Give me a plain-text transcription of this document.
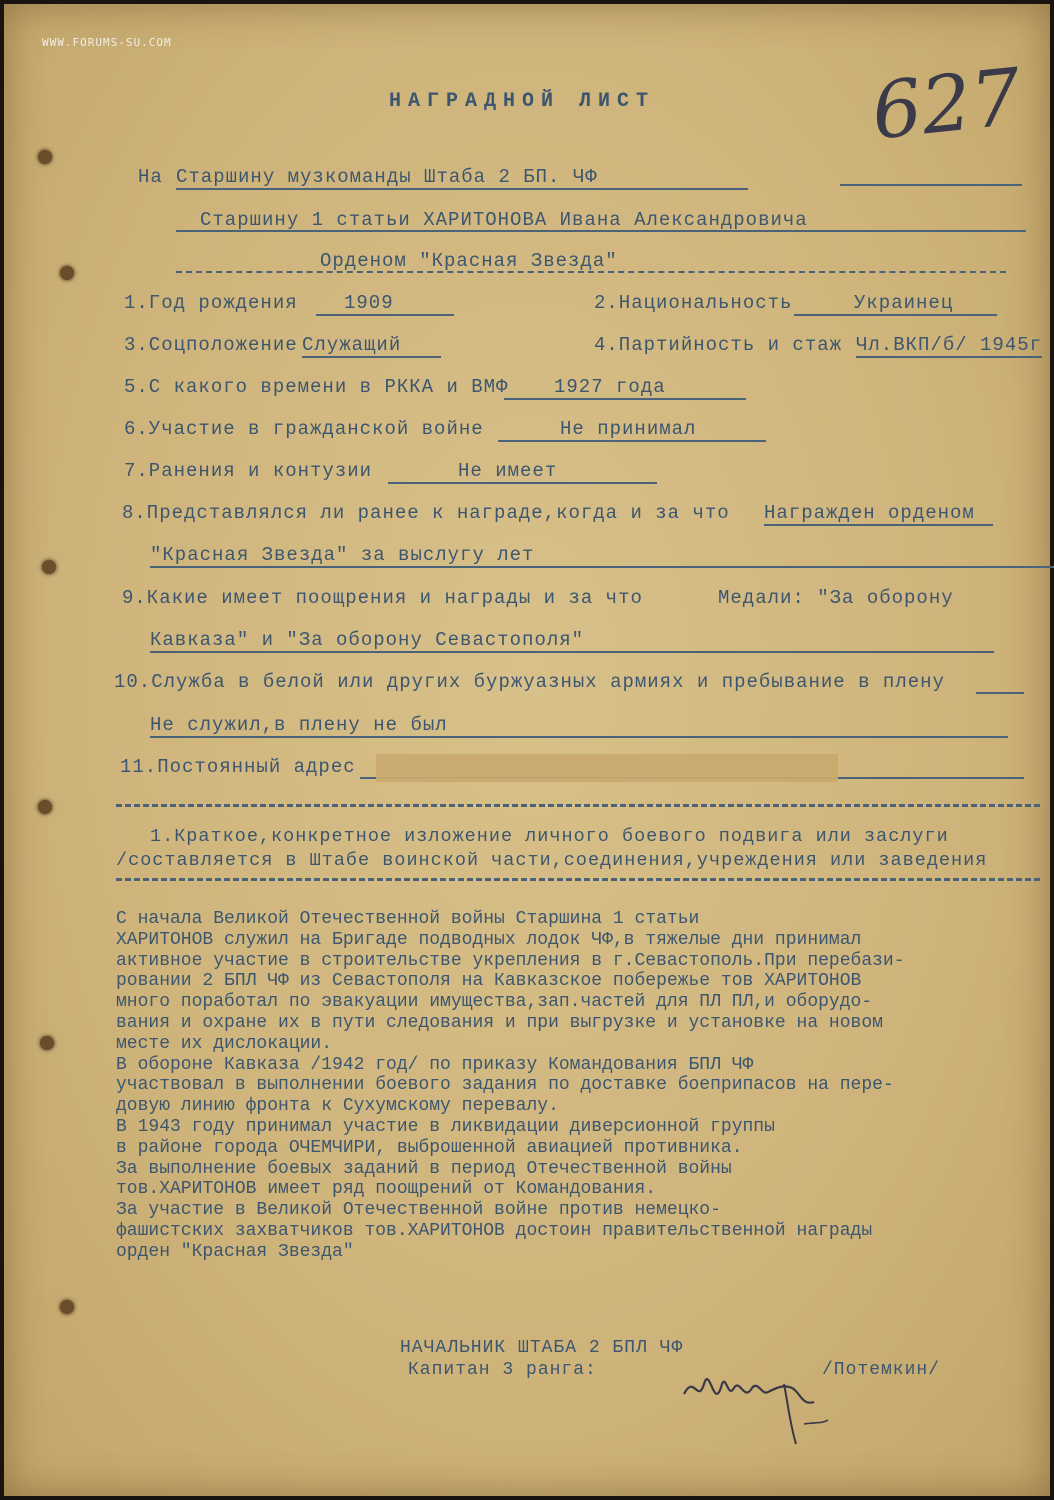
WWW.FORUMS-SU.COM
627
НАГРАДНОЙ ЛИСТ
На Старшину музкоманды Штаба 2 БП. ЧФ
Старшину 1 статьи ХАРИТОНОВА Ивана Александровича
Орденом "Красная Звезда"
1.Год рождения	1909	2.Национальность	Украинец
3.Соцположение Служащий	4.Партийность и стаж Чл.ВКП/б/ 1945г
5.С какого времени в РККА и ВМФ	1927 года
6.Участие в гражданской войне	Не принимал
7.Ранения и контузии	Не имеет
8.Представлялся ли ранее к награде,когда и за что Награжден орденом
"Красная Звезда" за выслугу лет
9.Какие имеет поощрения и награды и за что	Медали: "За оборону
Кавказа" и "За оборону Севастополя"
10.Служба в белой или других буржуазных армиях и пребывание в плену
Не служил,в плену не был
11.Постоянный адрес
1.Краткое,конкретное изложение личного боевого подвига или заслуги
/составляется в Штабе воинской части,соединения,учреждения или заведения

С начала Великой Отечественной войны Старшина 1 статьи

ХАРИТОНОВ служил на Бригаде подводных лодок ЧФ,в тяжелые дни принимал

активное участие в строительстве укрепления в г.Севастополь.При перебази-

ровании 2 БПЛ ЧФ из Севастополя на Кавказское побережье тов ХАРИТОНОВ

много поработал по эвакуации имущества,зап.частей для ПЛ ПЛ,и оборудо-

вания и охране их в пути следования и при выгрузке и установке на новом

месте их дислокации.

В обороне Кавказа /1942 год/ по приказу Командования БПЛ ЧФ

участвовал в выполнении боевого задания по доставке боеприпасов на пере-

довую линию фронта к Сухумскому перевалу.

В 1943 году принимал участие в ликвидации диверсионной группы

в районе города ОЧЕМЧИРИ, выброшенной авиацией противника.

За выполнение боевых заданий в период Отечественной войны

тов.ХАРИТОНОВ имеет ряд поощрений от Командования.

За участие в Великой Отечественной войне против немецко-

фашистских захватчиков тов.ХАРИТОНОВ достоин правительственной награды

орден "Красная Звезда"

НАЧАЛЬНИК ШТАБА 2 БПЛ ЧФ
Капитан 3 ранга:	/Потемкин/
